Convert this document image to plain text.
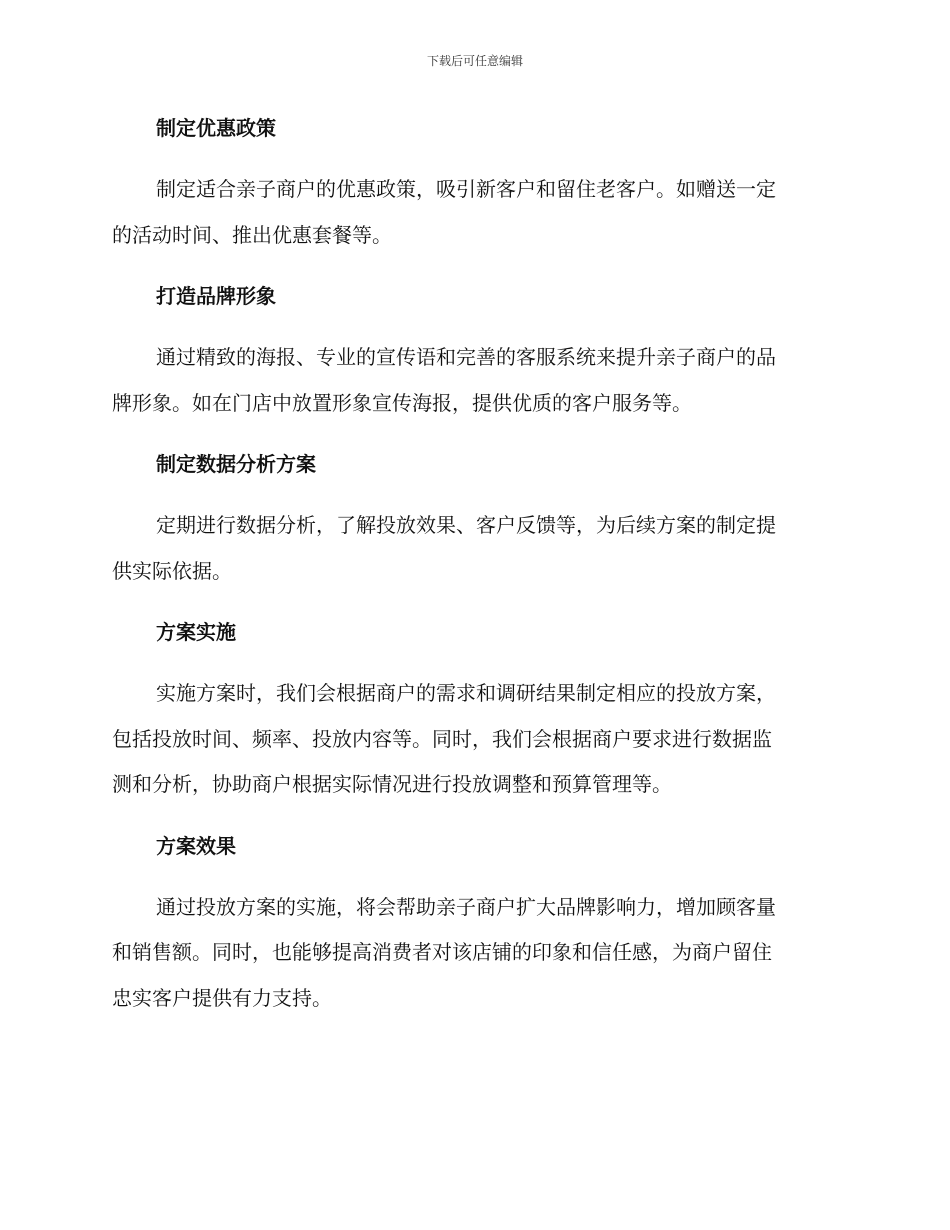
下载后可任意编辑
制定优惠政策

制定适合亲子商户的优惠政策，吸引新客户和留住老客户。如赠送一定
的活动时间、推出优惠套餐等。

打造品牌形象

通过精致的海报、专业的宣传语和完善的客服系统来提升亲子商户的品
牌形象。如在门店中放置形象宣传海报，提供优质的客户服务等。

制定数据分析方案

定期进行数据分析，了解投放效果、客户反馈等，为后续方案的制定提
供实际依据。

方案实施

实施方案时，我们会根据商户的需求和调研结果制定相应的投放方案，
包括投放时间、频率、投放内容等。同时，我们会根据商户要求进行数据监
测和分析，协助商户根据实际情况进行投放调整和预算管理等。

方案效果

通过投放方案的实施，将会帮助亲子商户扩大品牌影响力，增加顾客量
和销售额。同时，也能够提高消费者对该店铺的印象和信任感，为商户留住
忠实客户提供有力支持。
